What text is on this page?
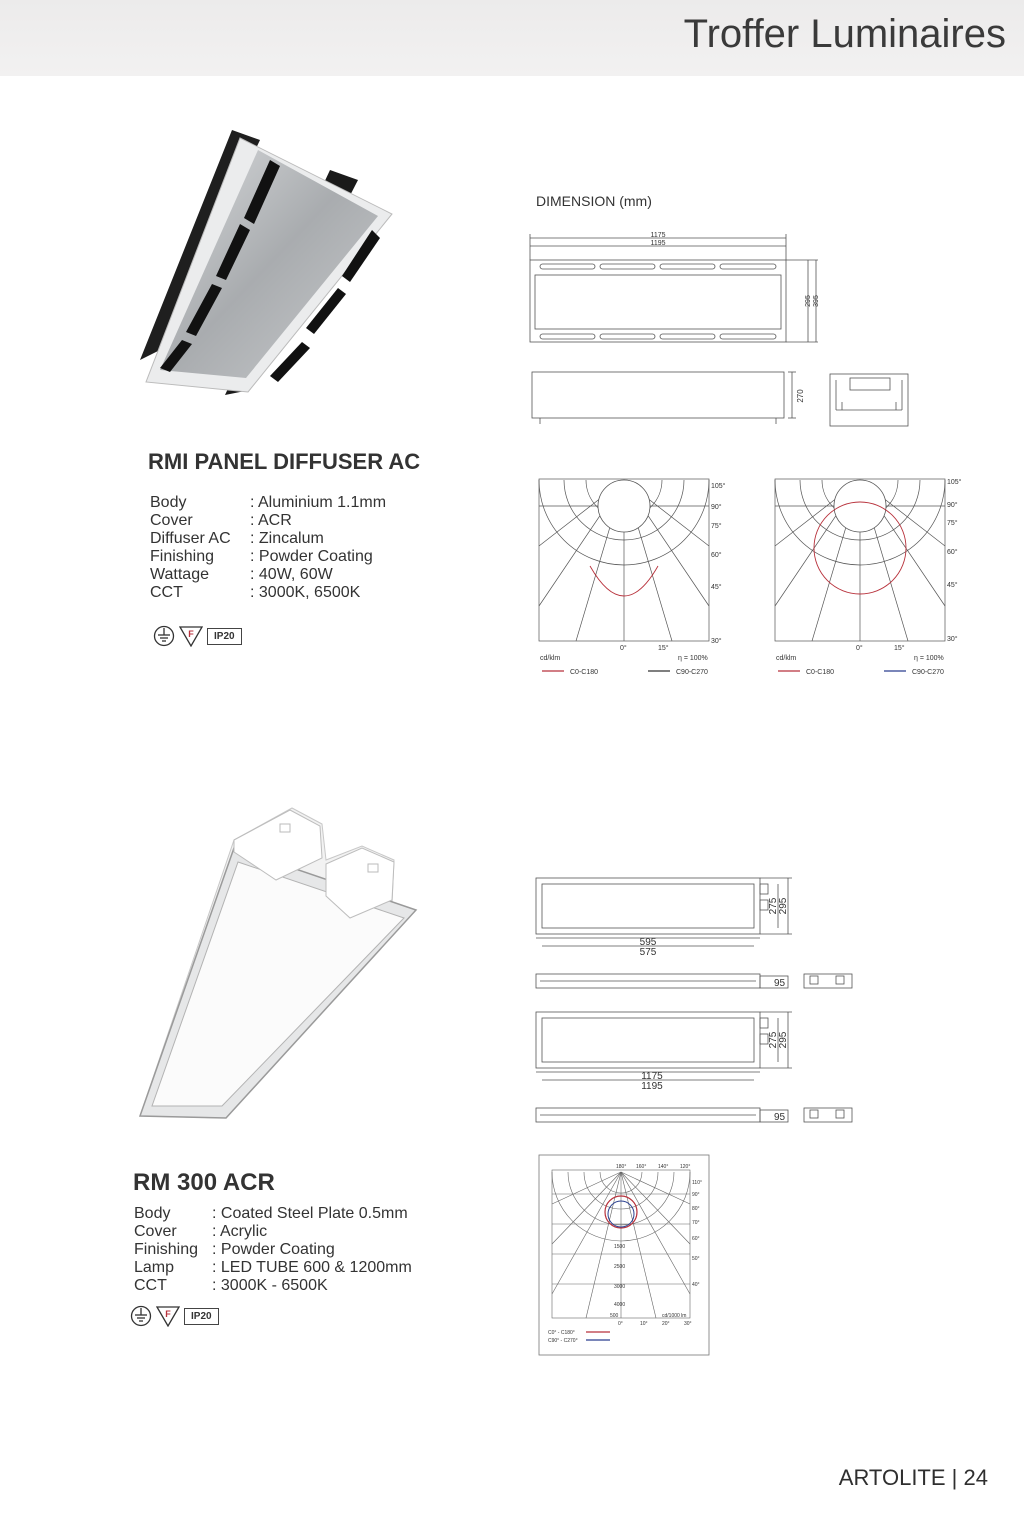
Troffer Luminaires
RMI PANEL DIFFUSER AC
Body	: Aluminium 1.1mm
Cover	: ACR
Diffuser AC	: Zincalum
Finishing	: Powder Coating
Wattage	: 40W, 60W
CCT	: 3000K, 6500K
F	IP20
DIMENSION (mm)
1175
1195
295 395
270
105°
90°
75°
60°
45°
30°
0°	15°
cd/klm	η = 100%
C0-C180	C90-C270
105°
90°
75°
60°
45°
30°
0°	15°
cd/klm	η = 100%
C0-C180	C90-C270
RM 300 ACR
Body	: Coated Steel Plate 0.5mm
Cover	: Acrylic
Finishing	: Powder Coating
Lamp	: LED TUBE 600 & 1200mm
CCT	: 3000K - 6500K
F	IP20
275 295
595
575
95
275 295
1175
1195
95
180° 160° 140° 120°
110°
90°
80°
70°
60°
50°
40°
1500
2500
3000
4000
500	cd/1000 lm
0°	10°	20°	30°
C0° - C180°
C90° - C270°
ARTOLITE | 24
